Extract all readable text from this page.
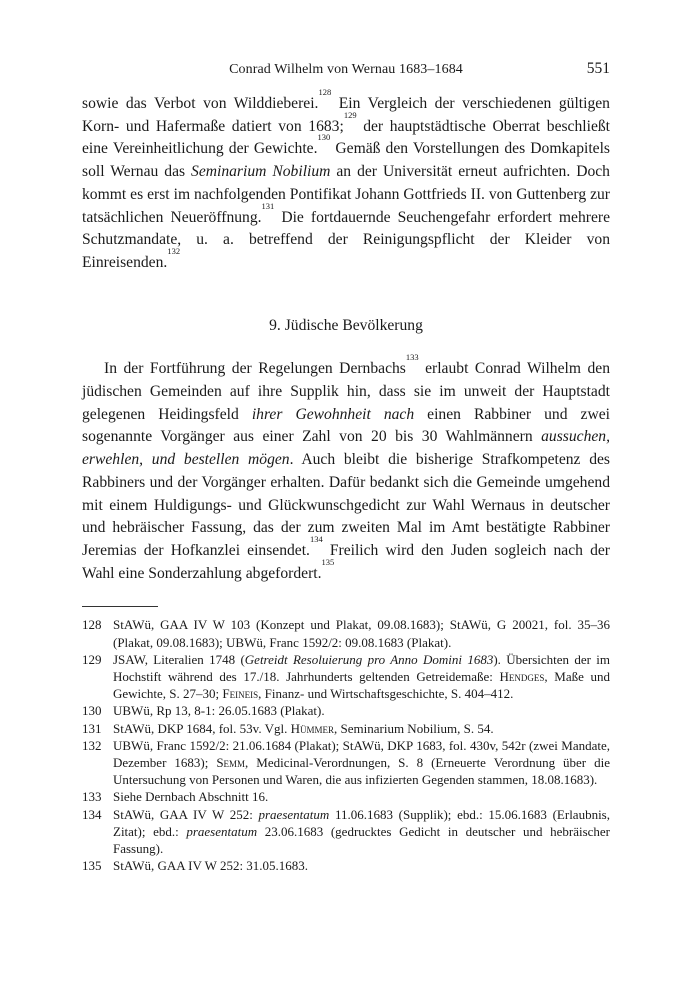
Conrad Wilhelm von Wernau 1683–1684	551

sowie das Verbot von Wilddieberei.$^{128}$ Ein Vergleich der verschiedenen gültigen Korn- und Hafermaße datiert von 1683;$^{129}$ der hauptstädtische Oberrat beschließt eine Vereinheitlichung der Gewichte.$^{130}$ Gemäß den Vorstellungen des Domkapitels soll Wernau das Seminarium Nobilium an der Universität erneut aufrichten. Doch kommt es erst im nachfolgenden Pontifikat Johann Gottfrieds II. von Guttenberg zur tatsächlichen Neueröffnung.$^{131}$ Die fortdauernde Seuchengefahr erfordert mehrere Schutzmandate, u. a. betreffend der Reinigungspflicht der Kleider von Einreisenden.$^{132}$

9. Jüdische Bevölkerung

In der Fortführung der Regelungen Dernbachs$^{133}$ erlaubt Conrad Wilhelm den jüdischen Gemeinden auf ihre Supplik hin, dass sie im unweit der Hauptstadt gelegenen Heidingsfeld ihrer Gewohnheit nach einen Rabbiner und zwei sogenannte Vorgänger aus einer Zahl von 20 bis 30 Wahlmännern aussuchen, erwehlen, und bestellen mögen. Auch bleibt die bisherige Strafkompetenz des Rabbiners und der Vorgänger erhalten. Dafür bedankt sich die Gemeinde umgehend mit einem Huldigungs- und Glückwunschgedicht zur Wahl Wernaus in deutscher und hebräischer Fassung, das der zum zweiten Mal im Amt bestätigte Rabbiner Jeremias der Hofkanzlei einsendet.$^{134}$ Freilich wird den Juden sogleich nach der Wahl eine Sonderzahlung abgefordert.$^{135}$

128 StAWü, GAA IV W 103 (Konzept und Plakat, 09.08.1683); StAWü, G 20021, fol. 35–36 (Plakat, 09.08.1683); UBWü, Franc 1592/2: 09.08.1683 (Plakat).
129 JSAW, Literalien 1748 (Getreidt Resoluierung pro Anno Domini 1683). Übersichten der im Hochstift während des 17./18. Jahrhunderts geltenden Getreidemaße: Hendges, Maße und Gewichte, S. 27–30; Feineis, Finanz- und Wirtschaftsgeschichte, S. 404–412.
130 UBWü, Rp 13, 8-1: 26.05.1683 (Plakat).
131 StAWü, DKP 1684, fol. 53v. Vgl. Hümmer, Seminarium Nobilium, S. 54.
132 UBWü, Franc 1592/2: 21.06.1684 (Plakat); StAWü, DKP 1683, fol. 430v, 542r (zwei Mandate, Dezember 1683); Semm, Medicinal-Verordnungen, S. 8 (Erneuerte Verordnung über die Untersuchung von Personen und Waren, die aus infizierten Gegenden stammen, 18.08.1683).
133 Siehe Dernbach Abschnitt 16.
134 StAWü, GAA IV W 252: praesentatum 11.06.1683 (Supplik); ebd.: 15.06.1683 (Erlaubnis, Zitat); ebd.: praesentatum 23.06.1683 (gedrucktes Gedicht in deutscher und hebräischer Fassung).
135 StAWü, GAA IV W 252: 31.05.1683.
